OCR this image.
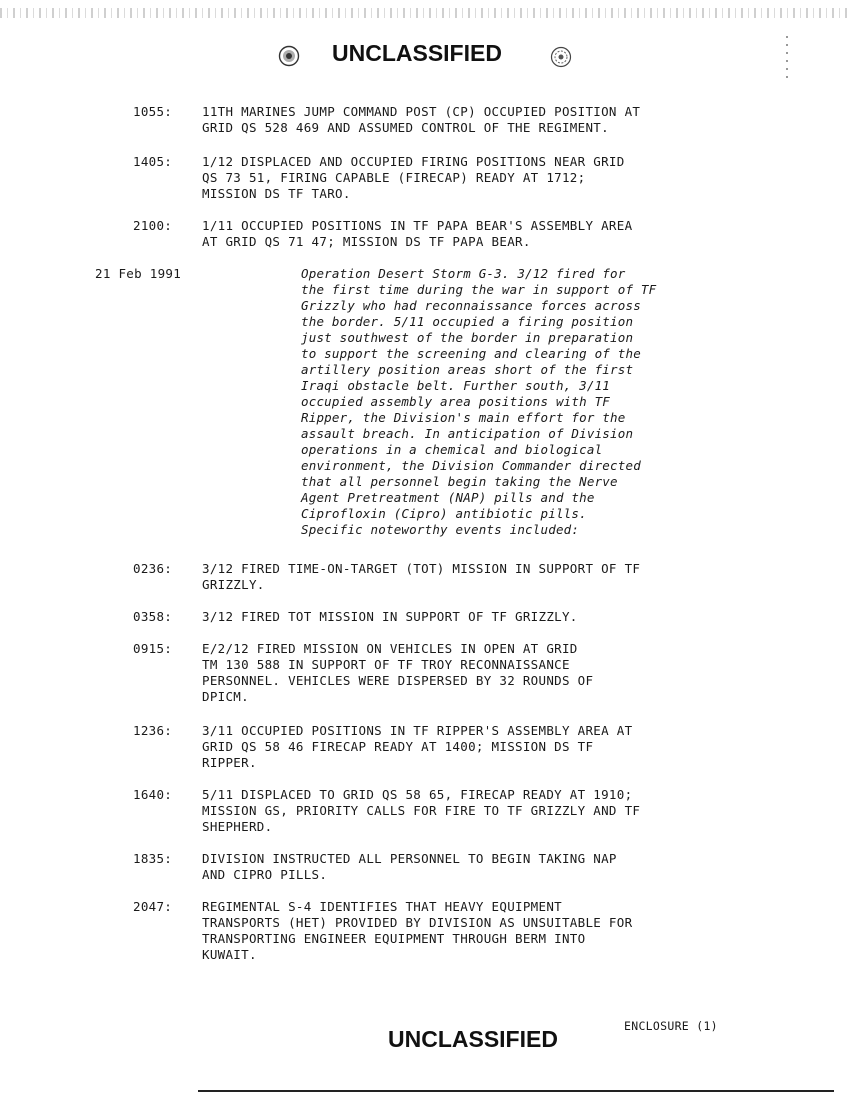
UNCLASSIFIED
1055:	11TH MARINES JUMP COMMAND POST (CP) OCCUPIED POSITION AT
GRID QS 528 469 AND ASSUMED CONTROL OF THE REGIMENT.
1405:	1/12 DISPLACED AND OCCUPIED FIRING POSITIONS NEAR GRID
QS 73 51, FIRING CAPABLE (FIRECAP) READY AT 1712;
MISSION DS TF TARO.
2100:	1/11 OCCUPIED POSITIONS IN TF PAPA BEAR'S ASSEMBLY AREA
AT GRID QS 71 47; MISSION DS TF PAPA BEAR.
21 Feb 1991	Operation Desert Storm G-3. 3/12 fired for
the first time during the war in support of TF
Grizzly who had reconnaissance forces across
the border. 5/11 occupied a firing position
just southwest of the border in preparation
to support the screening and clearing of the
artillery position areas short of the first
Iraqi obstacle belt. Further south, 3/11
occupied assembly area positions with TF
Ripper, the Division's main effort for the
assault breach. In anticipation of Division
operations in a chemical and biological
environment, the Division Commander directed
that all personnel begin taking the Nerve
Agent Pretreatment (NAP) pills and the
Ciprofloxin (Cipro) antibiotic pills.
Specific noteworthy events included:
0236:	3/12 FIRED TIME-ON-TARGET (TOT) MISSION IN SUPPORT OF TF
GRIZZLY.
0358:	3/12 FIRED TOT MISSION IN SUPPORT OF TF GRIZZLY.
0915:	E/2/12 FIRED MISSION ON VEHICLES IN OPEN AT GRID
TM 130 588 IN SUPPORT OF TF TROY RECONNAISSANCE
PERSONNEL. VEHICLES WERE DISPERSED BY 32 ROUNDS OF
DPICM.
1236:	3/11 OCCUPIED POSITIONS IN TF RIPPER'S ASSEMBLY AREA AT
GRID QS 58 46 FIRECAP READY AT 1400; MISSION DS TF
RIPPER.
1640:	5/11 DISPLACED TO GRID QS 58 65, FIRECAP READY AT 1910;
MISSION GS, PRIORITY CALLS FOR FIRE TO TF GRIZZLY AND TF
SHEPHERD.
1835:	DIVISION INSTRUCTED ALL PERSONNEL TO BEGIN TAKING NAP
AND CIPRO PILLS.
2047:	REGIMENTAL S-4 IDENTIFIES THAT HEAVY EQUIPMENT
TRANSPORTS (HET) PROVIDED BY DIVISION AS UNSUITABLE FOR
TRANSPORTING ENGINEER EQUIPMENT THROUGH BERM INTO
KUWAIT.
ENCLOSURE (1)
UNCLASSIFIED
